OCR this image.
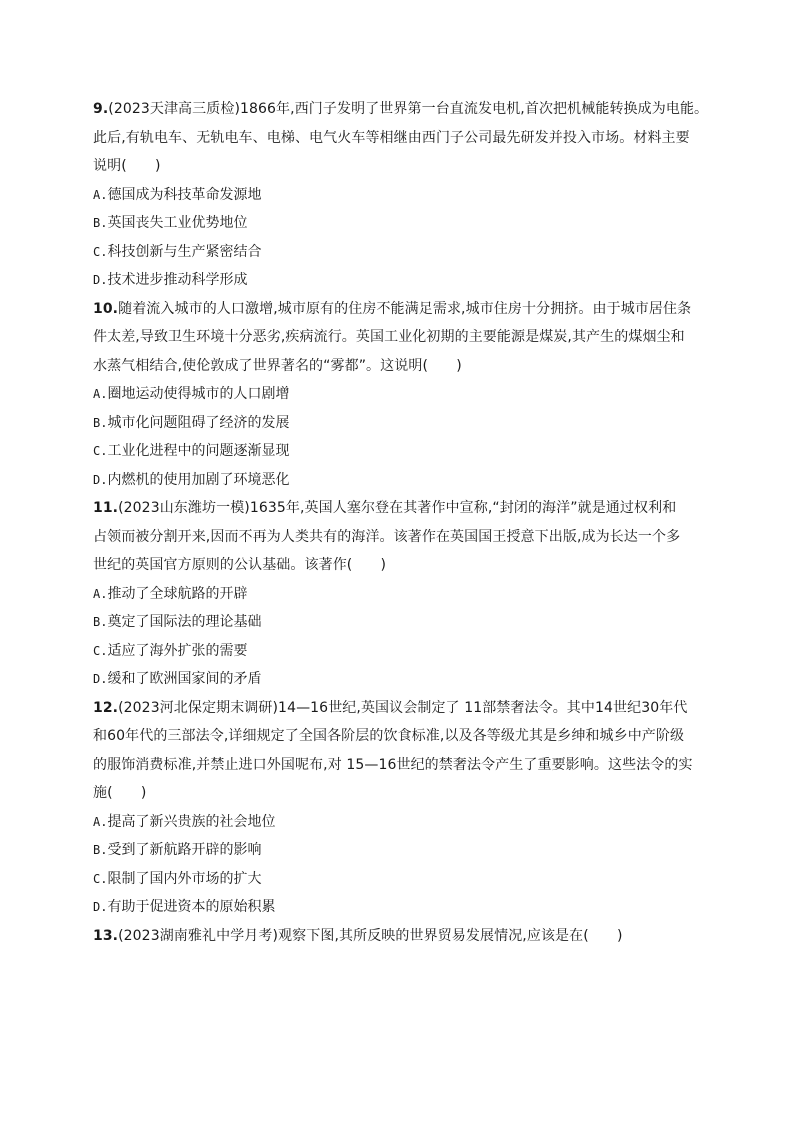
9.(2023天津高三质检)1866年,西门子发明了世界第一台直流发电机,首次把机械能转换成为电能。
此后,有轨电车、无轨电车、电梯、电气火车等相继由西门子公司最先研发并投入市场。材料主要
说明(　　)
A.德国成为科技革命发源地
B.英国丧失工业优势地位
C.科技创新与生产紧密结合
D.技术进步推动科学形成
10.随着流入城市的人口激增,城市原有的住房不能满足需求,城市住房十分拥挤。由于城市居住条
件太差,导致卫生环境十分恶劣,疾病流行。英国工业化初期的主要能源是煤炭,其产生的煤烟尘和
水蒸气相结合,使伦敦成了世界著名的“雾都”。这说明(　　)
A.圈地运动使得城市的人口剧增
B.城市化问题阻碍了经济的发展
C.工业化进程中的问题逐渐显现
D.内燃机的使用加剧了环境恶化
11.(2023山东潍坊一模)1635年,英国人塞尔登在其著作中宣称,“封闭的海洋”就是通过权利和
占领而被分割开来,因而不再为人类共有的海洋。该著作在英国国王授意下出版,成为长达一个多
世纪的英国官方原则的公认基础。该著作(　　)
A.推动了全球航路的开辟
B.奠定了国际法的理论基础
C.适应了海外扩张的需要
D.缓和了欧洲国家间的矛盾
12.(2023河北保定期末调研)14—16世纪,英国议会制定了 11部禁奢法令。其中14世纪30年代
和60年代的三部法令,详细规定了全国各阶层的饮食标准,以及各等级尤其是乡绅和城乡中产阶级
的服饰消费标准,并禁止进口外国呢布,对 15—16世纪的禁奢法令产生了重要影响。这些法令的实
施(　　)
A.提高了新兴贵族的社会地位
B.受到了新航路开辟的影响
C.限制了国内外市场的扩大
D.有助于促进资本的原始积累
13.(2023湖南雅礼中学月考)观察下图,其所反映的世界贸易发展情况,应该是在(　　)
